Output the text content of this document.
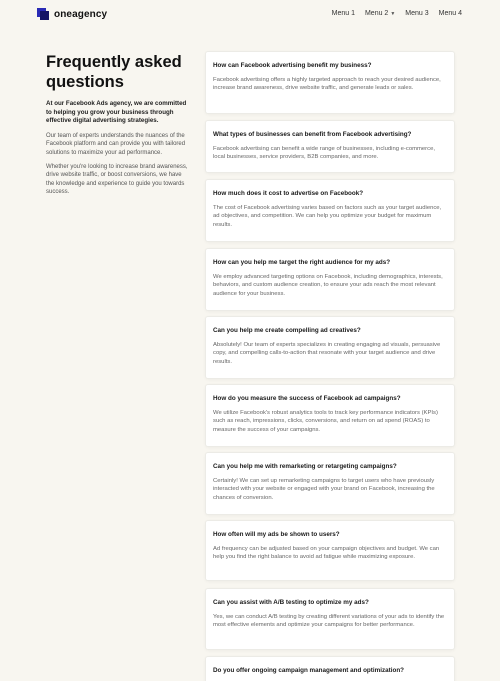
oneagency	Menu 1 Menu 2 ▼ Menu 3 Menu 4
Frequently asked questions

At our Facebook Ads agency, we are committed to helping you grow your business through effective digital advertising strategies.

Our team of experts understands the nuances of the Facebook platform and can provide you with tailored solutions to maximize your ad performance.

Whether you're looking to increase brand awareness, drive website traffic, or boost conversions, we have the knowledge and experience to guide you towards success.

How can Facebook advertising benefit my business?
Facebook advertising offers a highly targeted approach to reach your desired audience, increase brand awareness, drive website traffic, and generate leads or sales.
What types of businesses can benefit from Facebook advertising?
Facebook advertising can benefit a wide range of businesses, including e-commerce, local businesses, service providers, B2B companies, and more.
How much does it cost to advertise on Facebook?
The cost of Facebook advertising varies based on factors such as your target audience, ad objectives, and competition. We can help you optimize your budget for maximum results.
How can you help me target the right audience for my ads?
We employ advanced targeting options on Facebook, including demographics, interests, behaviors, and custom audience creation, to ensure your ads reach the most relevant audience for your business.
Can you help me create compelling ad creatives?
Absolutely! Our team of experts specializes in creating engaging ad visuals, persuasive copy, and compelling calls-to-action that resonate with your target audience and drive results.
How do you measure the success of Facebook ad campaigns?
We utilize Facebook's robust analytics tools to track key performance indicators (KPIs) such as reach, impressions, clicks, conversions, and return on ad spend (ROAS) to measure the success of your campaigns.
Can you help me with remarketing or retargeting campaigns?
Certainly! We can set up remarketing campaigns to target users who have previously interacted with your website or engaged with your brand on Facebook, increasing the chances of conversion.
How often will my ads be shown to users?
Ad frequency can be adjusted based on your campaign objectives and budget. We can help you find the right balance to avoid ad fatigue while maximizing exposure.
Can you assist with A/B testing to optimize my ads?
Yes, we can conduct A/B testing by creating different variations of your ads to identify the most effective elements and optimize your campaigns for better performance.
Do you offer ongoing campaign management and optimization?
